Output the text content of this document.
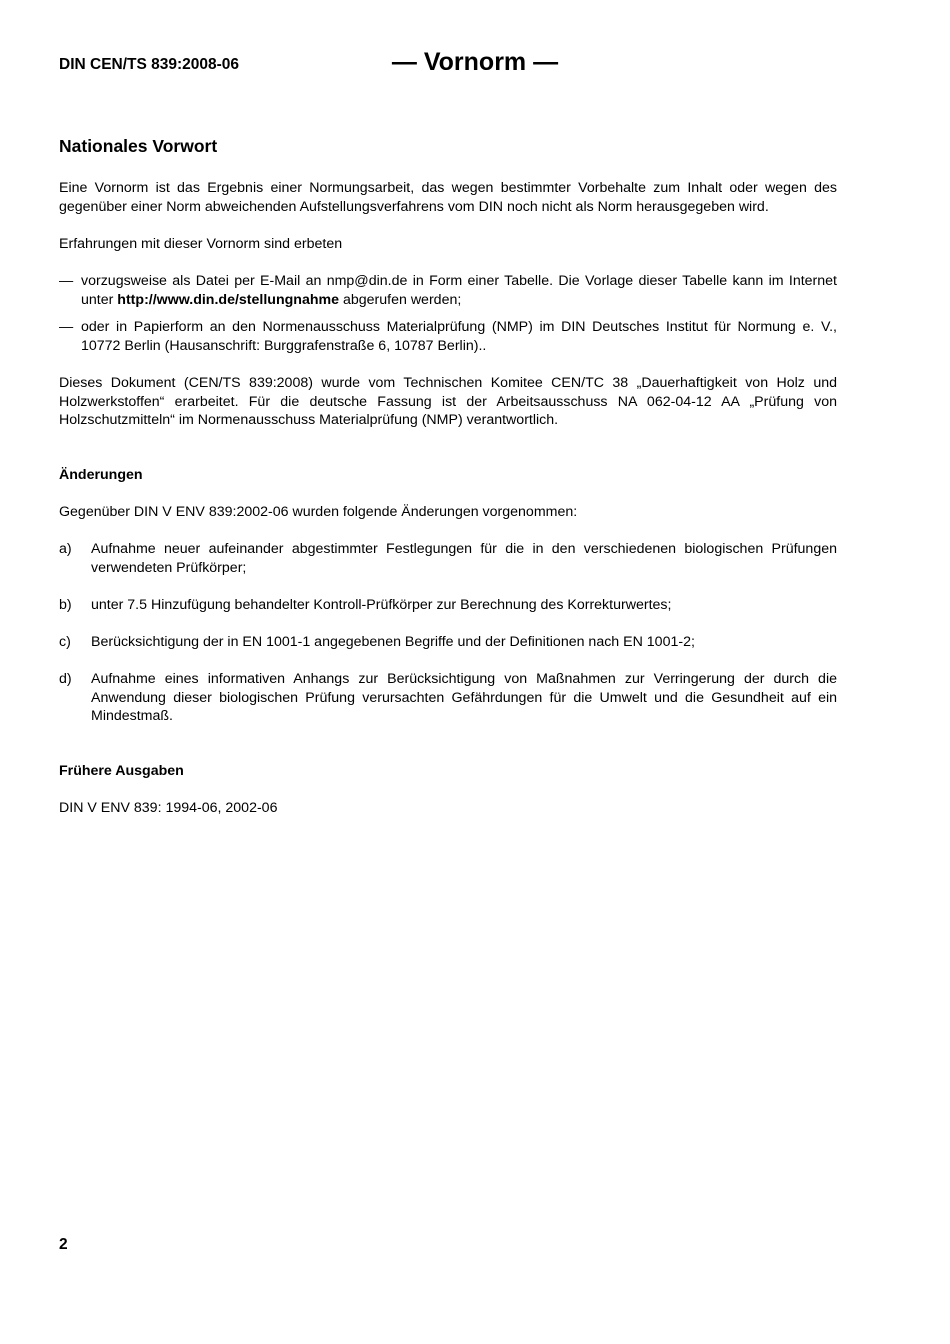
DIN CEN/TS 839:2008-06	— Vornorm —
Nationales Vorwort

Eine Vornorm ist das Ergebnis einer Normungsarbeit, das wegen bestimmter Vorbehalte zum Inhalt oder wegen des gegenüber einer Norm abweichenden Aufstellungsverfahrens vom DIN noch nicht als Norm herausgegeben wird.

Erfahrungen mit dieser Vornorm sind erbeten

— vorzugsweise als Datei per E-Mail an nmp@din.de in Form einer Tabelle. Die Vorlage dieser Tabelle kann im Internet unter http://www.din.de/stellungnahme abgerufen werden;
— oder in Papierform an den Normenausschuss Materialprüfung (NMP) im DIN Deutsches Institut für Normung e. V., 10772 Berlin (Hausanschrift: Burggrafenstraße 6, 10787 Berlin)..

Dieses Dokument (CEN/TS 839:2008) wurde vom Technischen Komitee CEN/TC 38 „Dauerhaftigkeit von Holz und Holzwerkstoffen“ erarbeitet. Für die deutsche Fassung ist der Arbeitsausschuss NA 062-04-12 AA „Prüfung von Holzschutzmitteln“ im Normenausschuss Materialprüfung (NMP) verantwortlich.

Änderungen

Gegenüber DIN V ENV 839:2002-06 wurden folgende Änderungen vorgenommen:

a) Aufnahme neuer aufeinander abgestimmter Festlegungen für die in den verschiedenen biologischen Prüfungen verwendeten Prüfkörper;
b) unter 7.5 Hinzufügung behandelter Kontroll-Prüfkörper zur Berechnung des Korrekturwertes;
c) Berücksichtigung der in EN 1001-1 angegebenen Begriffe und der Definitionen nach EN 1001-2;
d) Aufnahme eines informativen Anhangs zur Berücksichtigung von Maßnahmen zur Verringerung der durch die Anwendung dieser biologischen Prüfung verursachten Gefährdungen für die Umwelt und die Gesundheit auf ein Mindestmaß.
Frühere Ausgaben

DIN V ENV 839: 1994-06, 2002-06

2
